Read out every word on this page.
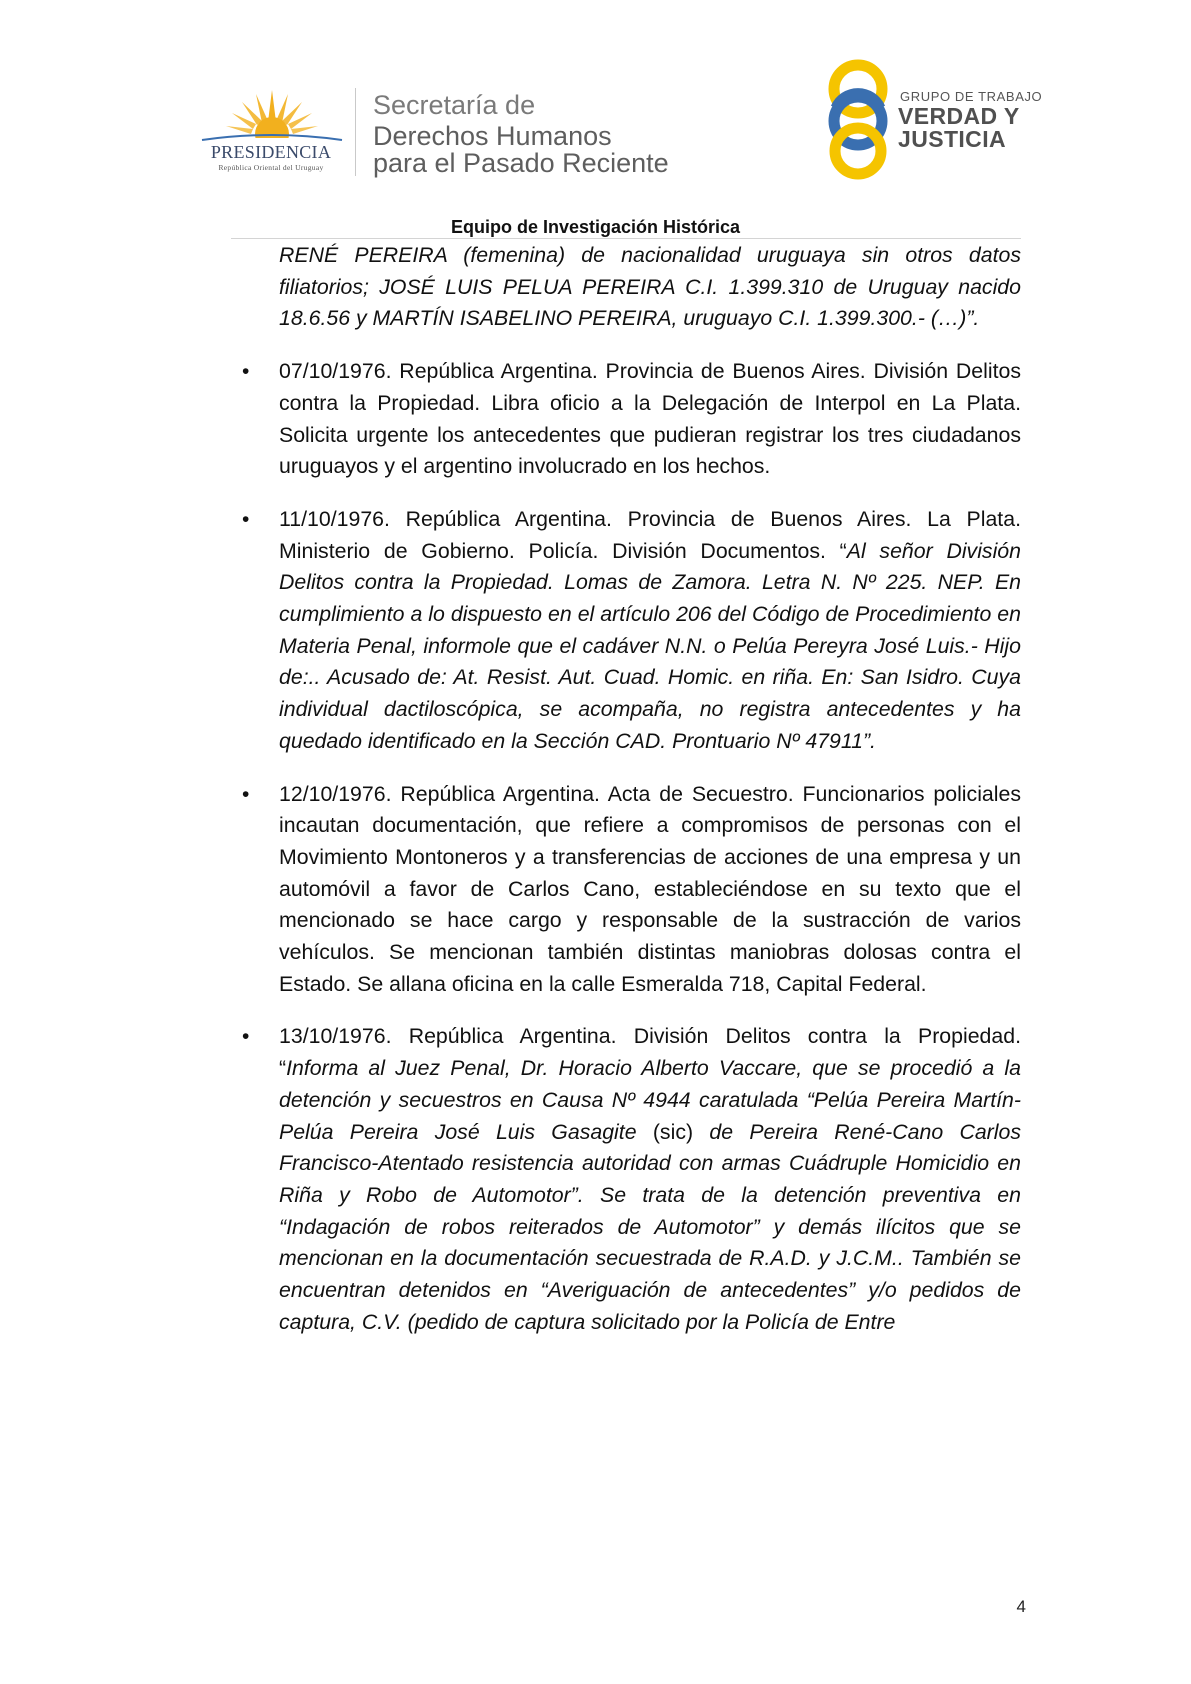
PRESIDENCIA
República Oriental del Uruguay
Secretaría de
Derechos Humanos
para el Pasado Reciente
GRUPO DE TRABAJO
VERDAD Y
JUSTICIA
Equipo de Investigación Histórica

RENÉ PEREIRA (femenina) de nacionalidad uruguaya sin otros datos filiatorios; JOSÉ LUIS PELUA PEREIRA C.I. 1.399.310 de Uruguay nacido 18.6.56 y MARTÍN ISABELINO PEREIRA, uruguayo C.I. 1.399.300.- (…)”.

• 07/10/1976. República Argentina. Provincia de Buenos Aires. División Delitos contra la Propiedad. Libra oficio a la Delegación de Interpol en La Plata. Solicita urgente los antecedentes que pudieran registrar los tres ciudadanos uruguayos y el argentino involucrado en los hechos.

• 11/10/1976. República Argentina. Provincia de Buenos Aires. La Plata. Ministerio de Gobierno. Policía. División Documentos. “Al señor División Delitos contra la Propiedad. Lomas de Zamora. Letra N. Nº 225. NEP. En cumplimiento a lo dispuesto en el artículo 206 del Código de Procedimiento en Materia Penal, informole que el cadáver N.N. o Pelúa Pereyra José Luis.- Hijo de:.. Acusado de: At. Resist. Aut. Cuad. Homic. en riña. En: San Isidro. Cuya individual dactiloscópica, se acompaña, no registra antecedentes y ha quedado identificado en la Sección CAD. Prontuario Nº 47911”.

• 12/10/1976. República Argentina. Acta de Secuestro. Funcionarios policiales incautan documentación, que refiere a compromisos de personas con el Movimiento Montoneros y a transferencias de acciones de una empresa y un automóvil a favor de Carlos Cano, estableciéndose en su texto que el mencionado se hace cargo y responsable de la sustracción de varios vehículos. Se mencionan también distintas maniobras dolosas contra el Estado. Se allana oficina en la calle Esmeralda 718, Capital Federal.

• 13/10/1976. República Argentina. División Delitos contra la Propiedad. “Informa al Juez Penal, Dr. Horacio Alberto Vaccare, que se procedió a la detención y secuestros en Causa Nº 4944 caratulada “Pelúa Pereira Martín-Pelúa Pereira José Luis Gasagite (sic) de Pereira René-Cano Carlos Francisco-Atentado resistencia autoridad con armas Cuádruple Homicidio en Riña y Robo de Automotor”. Se trata de la detención preventiva en “Indagación de robos reiterados de Automotor” y demás ilícitos que se mencionan en la documentación secuestrada de R.A.D. y J.C.M.. También se encuentran detenidos en “Averiguación de antecedentes” y/o pedidos de captura, C.V. (pedido de captura solicitado por la Policía de Entre

4
